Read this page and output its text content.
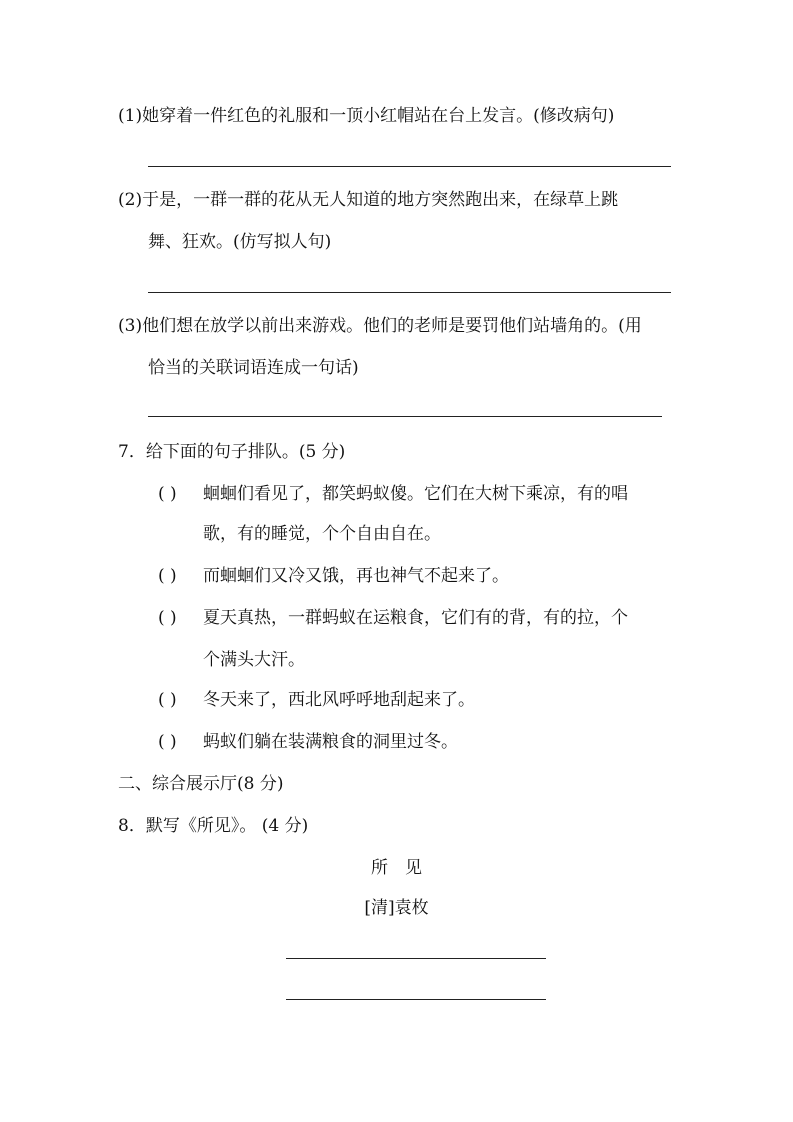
(1)她穿着一件红色的礼服和一顶小红帽站在台上发言。(修改病句)
(2)于是，一群一群的花从无人知道的地方突然跑出来，在绿草上跳
舞、狂欢。(仿写拟人句)
(3)他们想在放学以前出来游戏。他们的老师是要罚他们站墙角的。(用
恰当的关联词语连成一句话)
7．给下面的句子排队。(5 分)
( ) 蛔蛔们看见了，都笑蚂蚁傻。它们在大树下乘凉，有的唱
歌，有的睡觉，个个自由自在。
( ) 而蛔蛔们又冷又饿，再也神气不起来了。
( ) 夏天真热，一群蚂蚁在运粮食，它们有的背，有的拉，个
个满头大汗。
( ) 冬天来了，西北风呼呼地刮起来了。
( ) 蚂蚁们躺在装满粮食的洞里过冬。
二、综合展示厅(8 分)
8．默写《所见》。 (4 分)
所　见
[清]袁枚
